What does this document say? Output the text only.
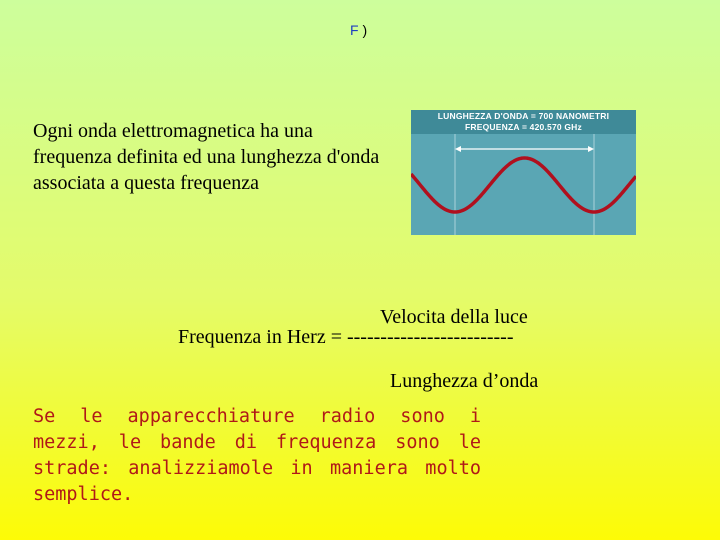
F )
Ogni onda elettromagnetica ha una frequenza definita ed una lunghezza d'onda associata a questa frequenza
LUNGHEZZA D'ONDA = 700 NANOMETRI
FREQUENZA = 420.570 GHz
Velocita della luce
Frequenza in Herz = -------------------------
Lunghezza d’onda
Se le apparecchiature radio sono i mezzi, le bande di frequenza sono le strade: analizziamole in maniera molto semplice.
